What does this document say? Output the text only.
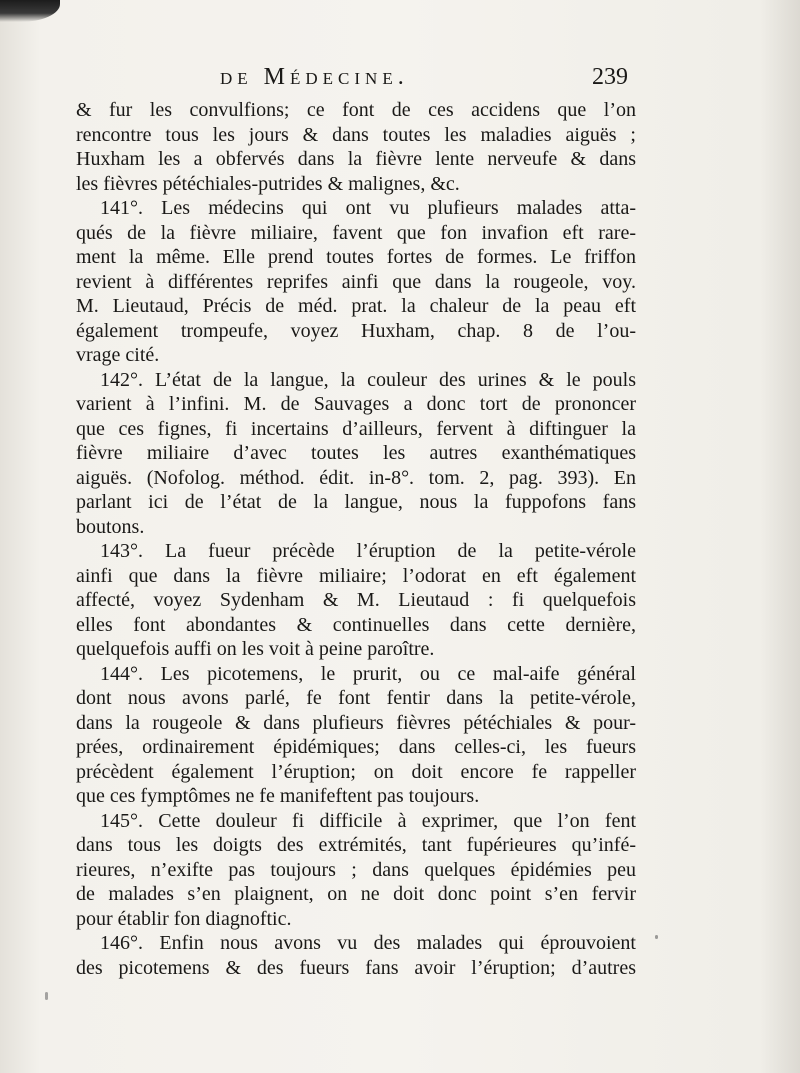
de Médecine.	239
& fur les convulfions; ce font de ces accidens que l’on
rencontre tous les jours & dans toutes les maladies aiguës ;
Huxham les a obfervés dans la fièvre lente nerveufe & dans
les fièvres pétéchiales-putrides & malignes, &c.
141°. Les médecins qui ont vu plufieurs malades atta-
qués de la fièvre miliaire, favent que fon invafion eft rare-
ment la même. Elle prend toutes fortes de formes. Le friffon
revient à différentes reprifes ainfi que dans la rougeole, voy.
M. Lieutaud, Précis de méd. prat. la chaleur de la peau eft
également trompeufe, voyez Huxham, chap. 8 de l’ou-
vrage cité.
142°. L’état de la langue, la couleur des urines & le pouls
varient à l’infini. M. de Sauvages a donc tort de prononcer
que ces fignes, fi incertains d’ailleurs, fervent à diftinguer la
fièvre miliaire d’avec toutes les autres exanthématiques
aiguës. (Nofolog. méthod. édit. in-8°. tom. 2, pag. 393). En
parlant ici de l’état de la langue, nous la fuppofons fans
boutons.
143°. La fueur précède l’éruption de la petite-vérole
ainfi que dans la fièvre miliaire; l’odorat en eft également
affecté, voyez Sydenham & M. Lieutaud : fi quelquefois
elles font abondantes & continuelles dans cette dernière,
quelquefois auffi on les voit à peine paroître.
144°. Les picotemens, le prurit, ou ce mal-aife général
dont nous avons parlé, fe font fentir dans la petite-vérole,
dans la rougeole & dans plufieurs fièvres pétéchiales & pour-
prées, ordinairement épidémiques; dans celles-ci, les fueurs
précèdent également l’éruption; on doit encore fe rappeller
que ces fymptômes ne fe manifeftent pas toujours.
145°. Cette douleur fi difficile à exprimer, que l’on fent
dans tous les doigts des extrémités, tant fupérieures qu’infé-
rieures, n’exifte pas toujours ; dans quelques épidémies peu
de malades s’en plaignent, on ne doit donc point s’en fervir
pour établir fon diagnoftic.
146°. Enfin nous avons vu des malades qui éprouvoient
des picotemens & des fueurs fans avoir l’éruption; d’autres
